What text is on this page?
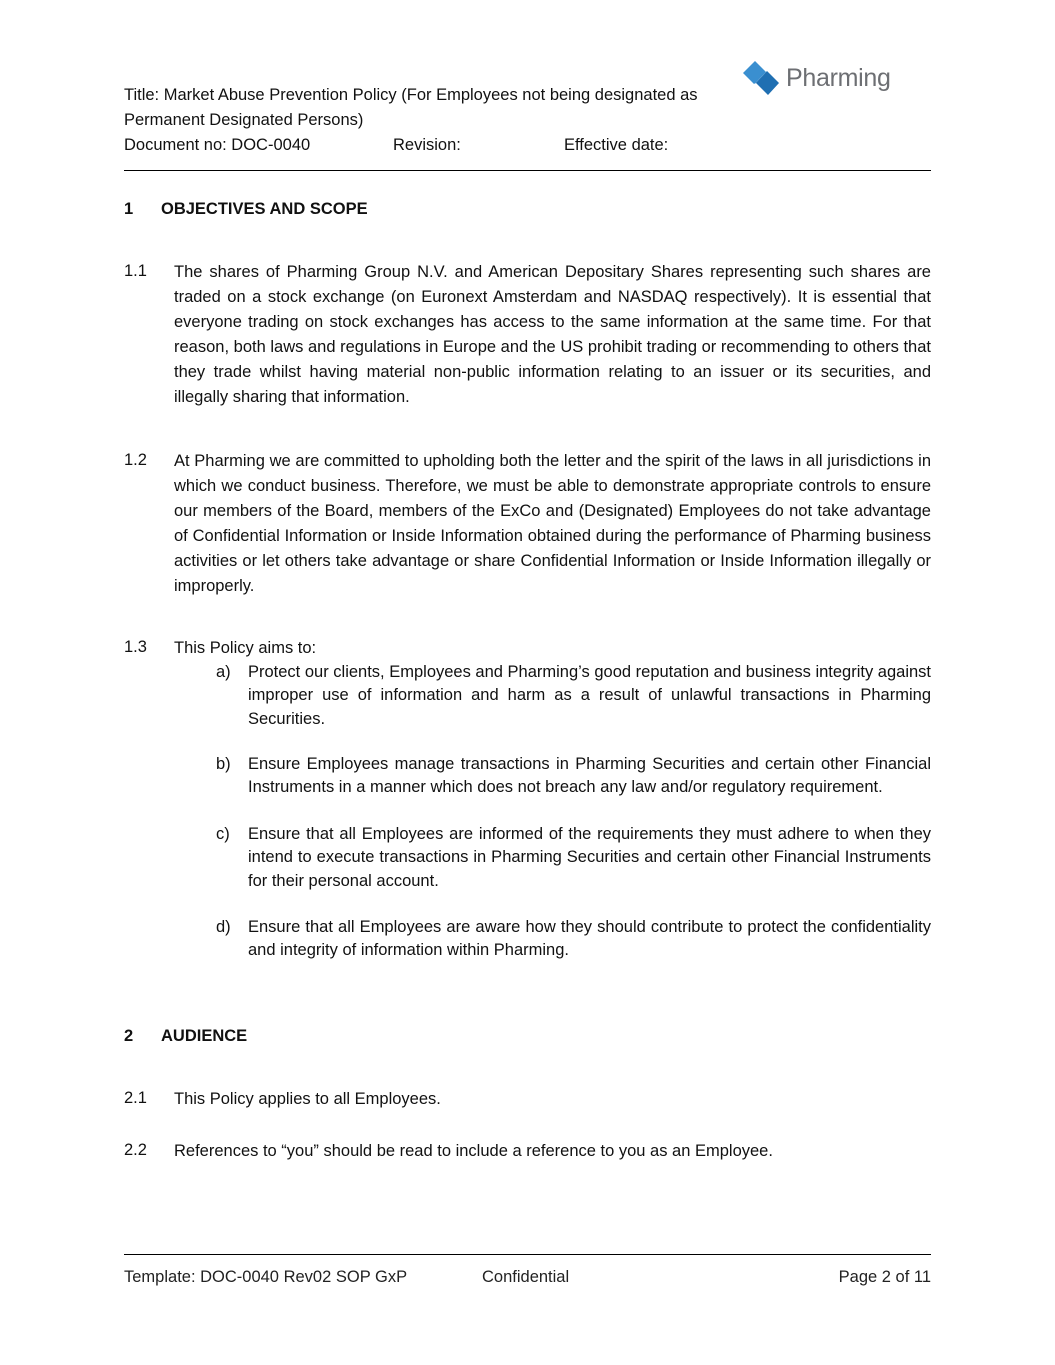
Title: Market Abuse Prevention Policy (For Employees not being designated as
Permanent Designated Persons)
Document no: DOC-0040	Revision:	Effective date:
Pharming
1 OBJECTIVES AND SCOPE
1.1 The shares of Pharming Group N.V. and American Depositary Shares representing such shares are traded on a stock exchange (on Euronext Amsterdam and NASDAQ respectively). It is essential that everyone trading on stock exchanges has access to the same information at the same time. For that reason, both laws and regulations in Europe and the US prohibit trading or recommending to others that they trade whilst having material non-public information relating to an issuer or its securities, and illegally sharing that information.
1.2 At Pharming we are committed to upholding both the letter and the spirit of the laws in all jurisdictions in which we conduct business. Therefore, we must be able to demonstrate appropriate controls to ensure our members of the Board, members of the ExCo and (Designated) Employees do not take advantage of Confidential Information or Inside Information obtained during the performance of Pharming business activities or let others take advantage or share Confidential Information or Inside Information illegally or improperly.
1.3 This Policy aims to:
a) Protect our clients, Employees and Pharming’s good reputation and business integrity against improper use of information and harm as a result of unlawful transactions in Pharming Securities.
b) Ensure Employees manage transactions in Pharming Securities and certain other Financial Instruments in a manner which does not breach any law and/or regulatory requirement.
c) Ensure that all Employees are informed of the requirements they must adhere to when they intend to execute transactions in Pharming Securities and certain other Financial Instruments for their personal account.
d) Ensure that all Employees are aware how they should contribute to protect the confidentiality and integrity of information within Pharming.
2 AUDIENCE
2.1 This Policy applies to all Employees.
2.2 References to “you” should be read to include a reference to you as an Employee.
Template: DOC-0040 Rev02 SOP GxP	Confidential	Page 2 of 11
